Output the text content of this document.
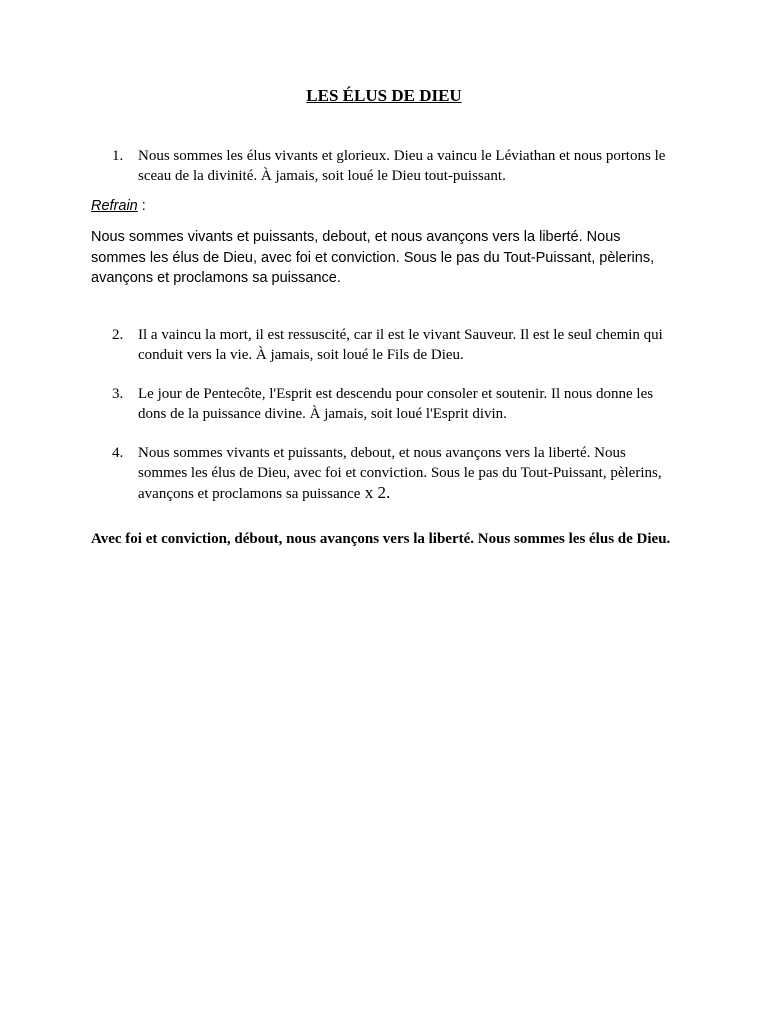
LES ÉLUS DE DIEU
1. Nous sommes les élus vivants et glorieux. Dieu a vaincu le Léviathan et nous portons le sceau de la divinité. À jamais, soit loué le Dieu tout-puissant.
Refrain :
Nous sommes vivants et puissants, debout, et nous avançons vers la liberté. Nous sommes les élus de Dieu, avec foi et conviction. Sous le pas du Tout-Puissant, pèlerins, avançons et proclamons sa puissance.
2. Il a vaincu la mort, il est ressuscité, car il est le vivant Sauveur. Il est le seul chemin qui conduit vers la vie. À jamais, soit loué le Fils de Dieu.
3. Le jour de Pentecôte, l'Esprit est descendu pour consoler et soutenir. Il nous donne les dons de la puissance divine. À jamais, soit loué l'Esprit divin.
4. Nous sommes vivants et puissants, debout, et nous avançons vers la liberté. Nous sommes les élus de Dieu, avec foi et conviction. Sous le pas du Tout-Puissant, pèlerins, avançons et proclamons sa puissance x 2.

Avec foi et conviction, débout, nous avançons vers la liberté. Nous sommes les élus de Dieu.
